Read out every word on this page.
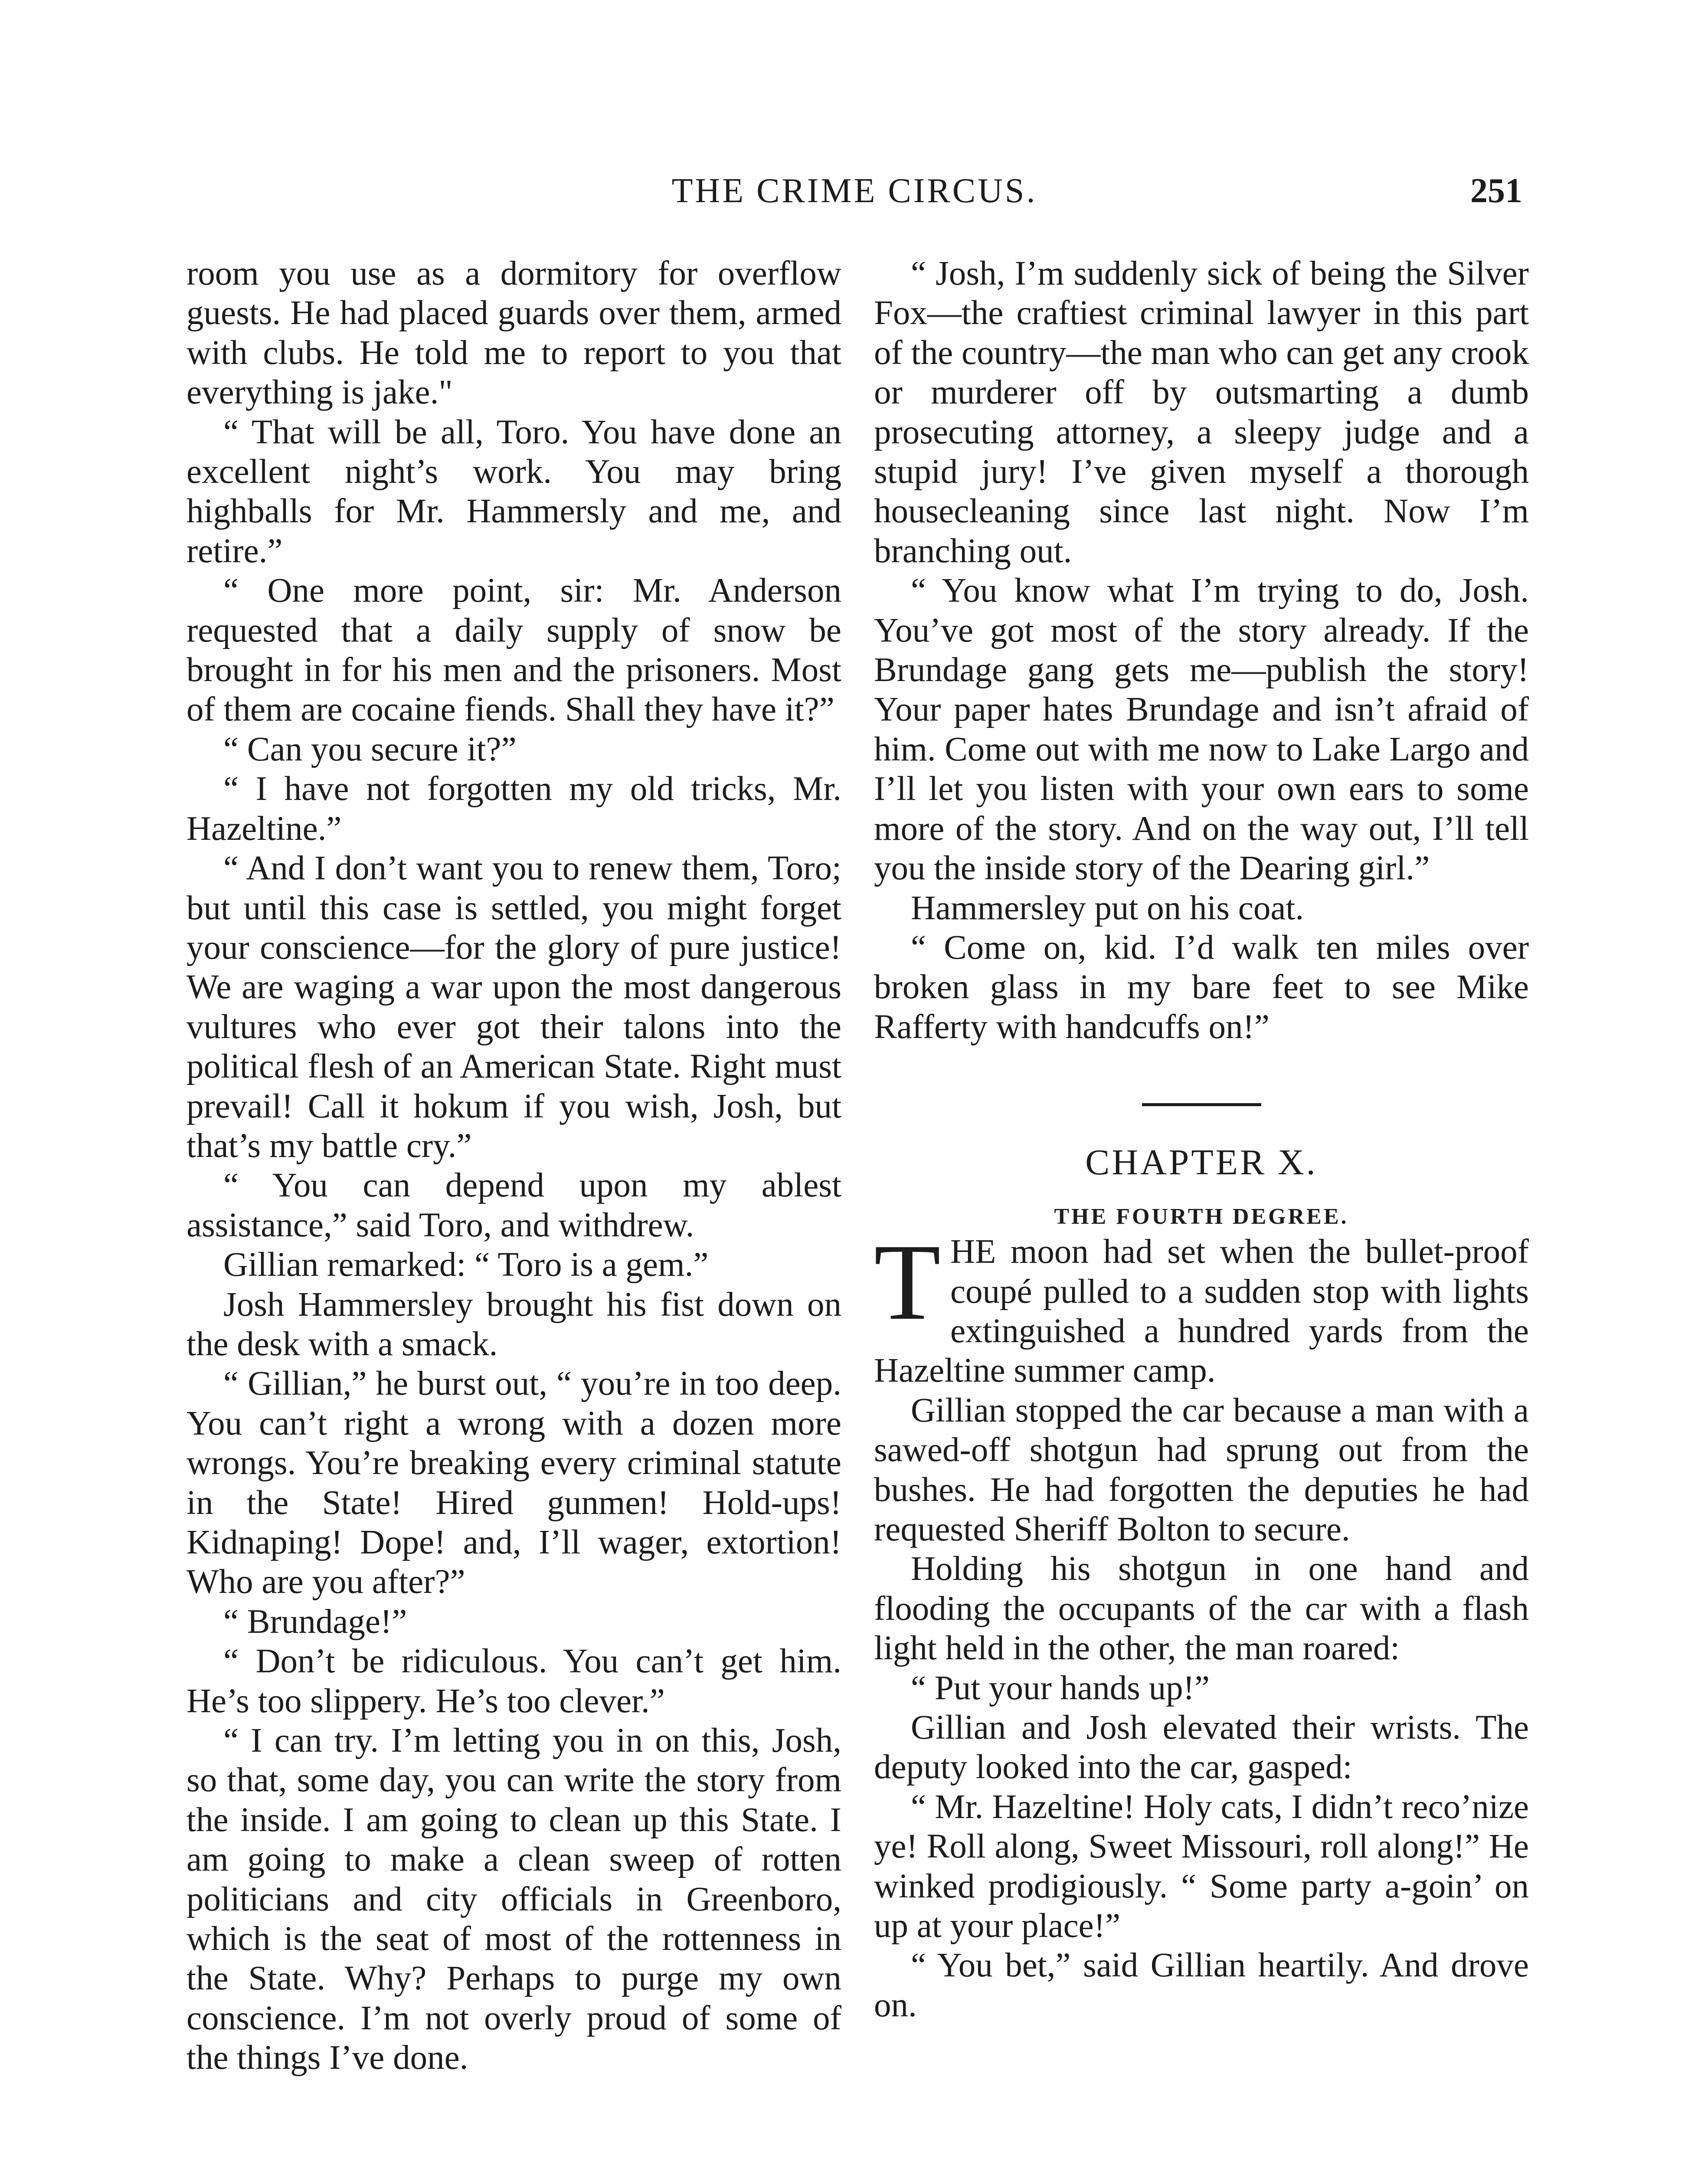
THE CRIME CIRCUS.	251

room you use as a dormitory for overflow guests. He had placed guards over them, armed with clubs. He told me to report to you that everything is jake."

“ That will be all, Toro. You have done an excellent night’s work. You may bring highballs for Mr. Hammersly and me, and retire.”

“ One more point, sir: Mr. Anderson requested that a daily supply of snow be brought in for his men and the prisoners. Most of them are cocaine fiends. Shall they have it?”

“ Can you secure it?”

“ I have not forgotten my old tricks, Mr. Hazeltine.”

“ And I don’t want you to renew them, Toro; but until this case is settled, you might forget your conscience—for the glory of pure justice! We are waging a war upon the most dangerous vultures who ever got their talons into the political flesh of an American State. Right must prevail! Call it hokum if you wish, Josh, but that’s my battle cry.”

“ You can depend upon my ablest assistance,” said Toro, and withdrew.

Gillian remarked: “ Toro is a gem.”

Josh Hammersley brought his fist down on the desk with a smack.

“ Gillian,” he burst out, “ you’re in too deep. You can’t right a wrong with a dozen more wrongs. You’re breaking every criminal statute in the State! Hired gunmen! Hold-ups! Kidnaping! Dope! and, I’ll wager, extortion! Who are you after?”

“ Brundage!”

“ Don’t be ridiculous. You can’t get him. He’s too slippery. He’s too clever.”

“ I can try. I’m letting you in on this, Josh, so that, some day, you can write the story from the inside. I am going to clean up this State. I am going to make a clean sweep of rotten politicians and city officials in Greenboro, which is the seat of most of the rottenness in the State. Why? Perhaps to purge my own conscience. I’m not overly proud of some of the things I’ve done.

“ Josh, I’m suddenly sick of being the Silver Fox—the craftiest criminal lawyer in this part of the country—the man who can get any crook or murderer off by outsmarting a dumb prosecuting attorney, a sleepy judge and a stupid jury! I’ve given myself a thorough housecleaning since last night. Now I’m branching out.

“ You know what I’m trying to do, Josh. You’ve got most of the story already. If the Brundage gang gets me—publish the story! Your paper hates Brundage and isn’t afraid of him. Come out with me now to Lake Largo and I’ll let you listen with your own ears to some more of the story. And on the way out, I’ll tell you the inside story of the Dearing girl.”

Hammersley put on his coat.

“ Come on, kid. I’d walk ten miles over broken glass in my bare feet to see Mike Rafferty with handcuffs on!”

CHAPTER X.
THE FOURTH DEGREE.

THE moon had set when the bullet-proof coupé pulled to a sudden stop with lights extinguished a hundred yards from the Hazeltine summer camp.

Gillian stopped the car because a man with a sawed-off shotgun had sprung out from the bushes. He had forgotten the deputies he had requested Sheriff Bolton to secure.

Holding his shotgun in one hand and flooding the occupants of the car with a flash light held in the other, the man roared:

“ Put your hands up!”

Gillian and Josh elevated their wrists. The deputy looked into the car, gasped:

“ Mr. Hazeltine! Holy cats, I didn’t reco’nize ye! Roll along, Sweet Missouri, roll along!” He winked prodigiously. “ Some party a-goin’ on up at your place!”

“ You bet,” said Gillian heartily. And drove on.
